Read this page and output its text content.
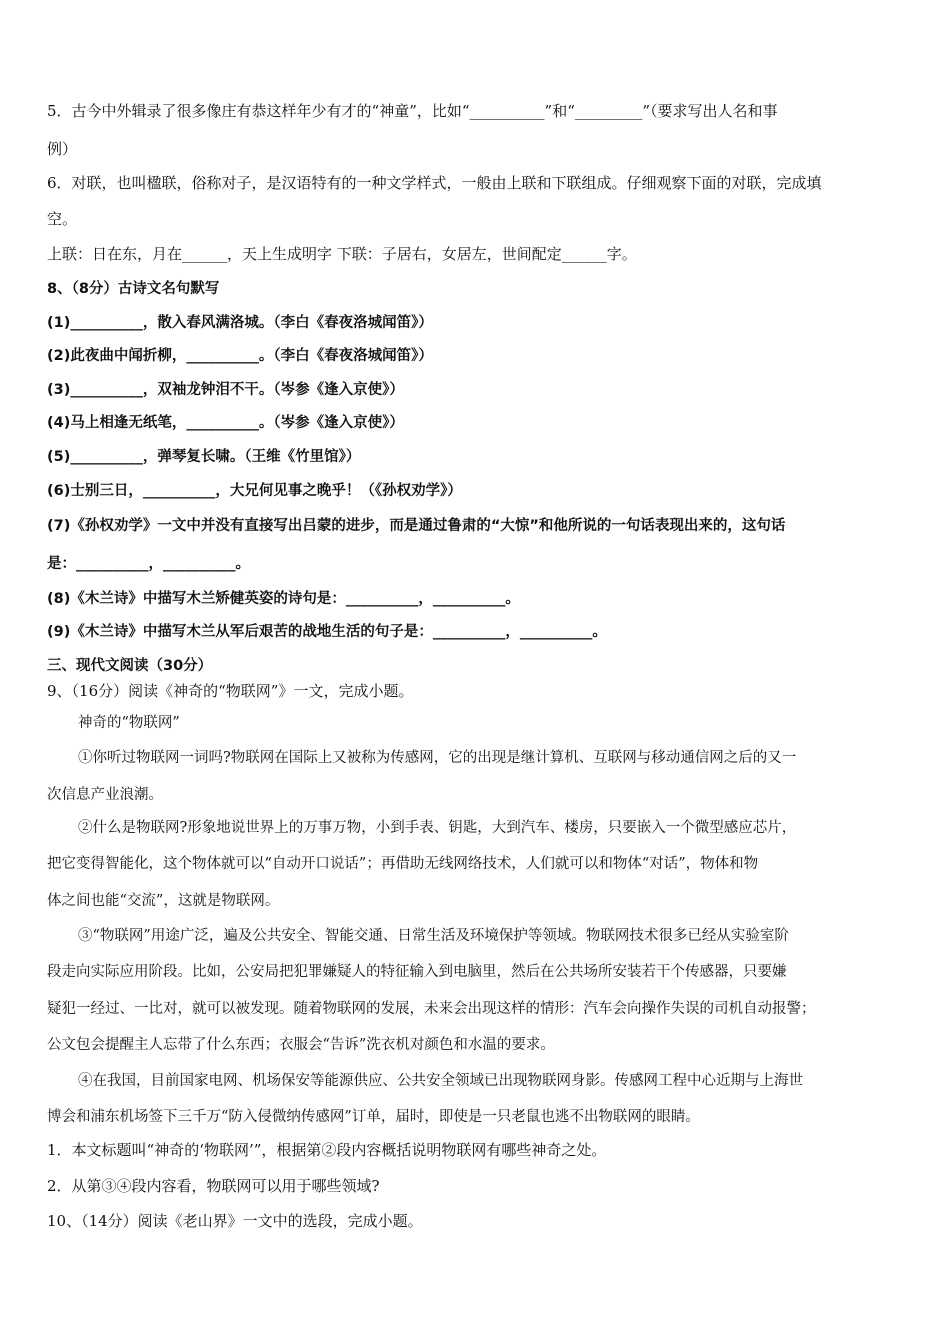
5．古今中外辑录了很多像庄有恭这样年少有才的“神童”，比如“__________”和“_________”（要求写出人名和事
例）
6．对联，也叫楹联，俗称对子，是汉语特有的一种文学样式，一般由上联和下联组成。仔细观察下面的对联，完成填
空。
上联：日在东，月在______，天上生成明字 下联：子居右，女居左，世间配定______字。
8、（8分）古诗文名句默写
(1)__________，散入春风满洛城。（李白《春夜洛城闻笛》）
(2)此夜曲中闻折柳，__________。（李白《春夜洛城闻笛》）
(3)__________，双袖龙钟泪不干。（岑参《逢入京使》）
(4)马上相逢无纸笔，__________。（岑参《逢入京使》）
(5)__________，弹琴复长啸。（王维《竹里馆》）
(6)士别三日，__________，大兄何见事之晚乎！（《孙权劝学》）
(7)《孙权劝学》一文中并没有直接写出吕蒙的进步，而是通过鲁肃的“大惊”和他所说的一句话表现出来的，这句话
是：__________，__________。
(8)《木兰诗》中描写木兰矫健英姿的诗句是：__________，__________。
(9)《木兰诗》中描写木兰从军后艰苦的战地生活的句子是：__________，__________。
三、现代文阅读（30分）
9、（16分）阅读《神奇的“物联网”》一文，完成小题。
神奇的“物联网”
①你听过物联网一词吗?物联网在国际上又被称为传感网，它的出现是继计算机、互联网与移动通信网之后的又一
次信息产业浪潮。
②什么是物联网?形象地说世界上的万事万物，小到手表、钥匙，大到汽车、楼房，只要嵌入一个微型感应芯片，
把它变得智能化，这个物体就可以“自动开口说话”；再借助无线网络技术，人们就可以和物体“对话”，物体和物
体之间也能“交流”，这就是物联网。
③“物联网”用途广泛，遍及公共安全、智能交通、日常生活及环境保护等领域。物联网技术很多已经从实验室阶
段走向实际应用阶段。比如，公安局把犯罪嫌疑人的特征输入到电脑里，然后在公共场所安装若干个传感器，只要嫌
疑犯一经过、一比对，就可以被发现。随着物联网的发展，未来会出现这样的情形：汽车会向操作失误的司机自动报警；
公文包会提醒主人忘带了什么东西；衣服会“告诉”洗衣机对颜色和水温的要求。
④在我国，目前国家电网、机场保安等能源供应、公共安全领域已出现物联网身影。传感网工程中心近期与上海世
博会和浦东机场签下三千万“防入侵微纳传感网”订单，届时，即使是一只老鼠也逃不出物联网的眼睛。
1．本文标题叫“神奇的‘物联网’”，根据第②段内容概括说明物联网有哪些神奇之处。
2．从第③④段内容看，物联网可以用于哪些领域?
10、（14分）阅读《老山界》一文中的选段，完成小题。
